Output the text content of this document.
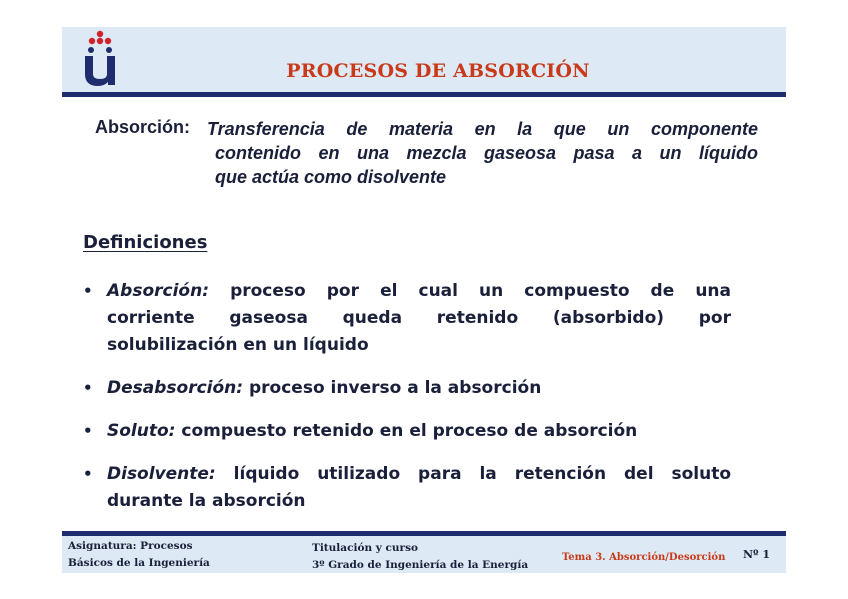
PROCESOS DE ABSORCIÓN
Absorción: Transferencia de materia en la que un componente
contenido en una mezcla gaseosa pasa a un líquido
que actúa como disolvente
Definiciones
• Absorción: proceso por el cual un compuesto de una
corriente gaseosa queda retenido (absorbido) por
solubilización en un líquido
• Desabsorción: proceso inverso a la absorción
• Soluto: compuesto retenido en el proceso de absorción
• Disolvente: líquido utilizado para la retención del soluto
durante la absorción
Asignatura: Procesos
Básicos de la Ingeniería
Titulación y curso
3º Grado de Ingeniería de la Energía
Tema 3. Absorción/Desorción Nº 1
